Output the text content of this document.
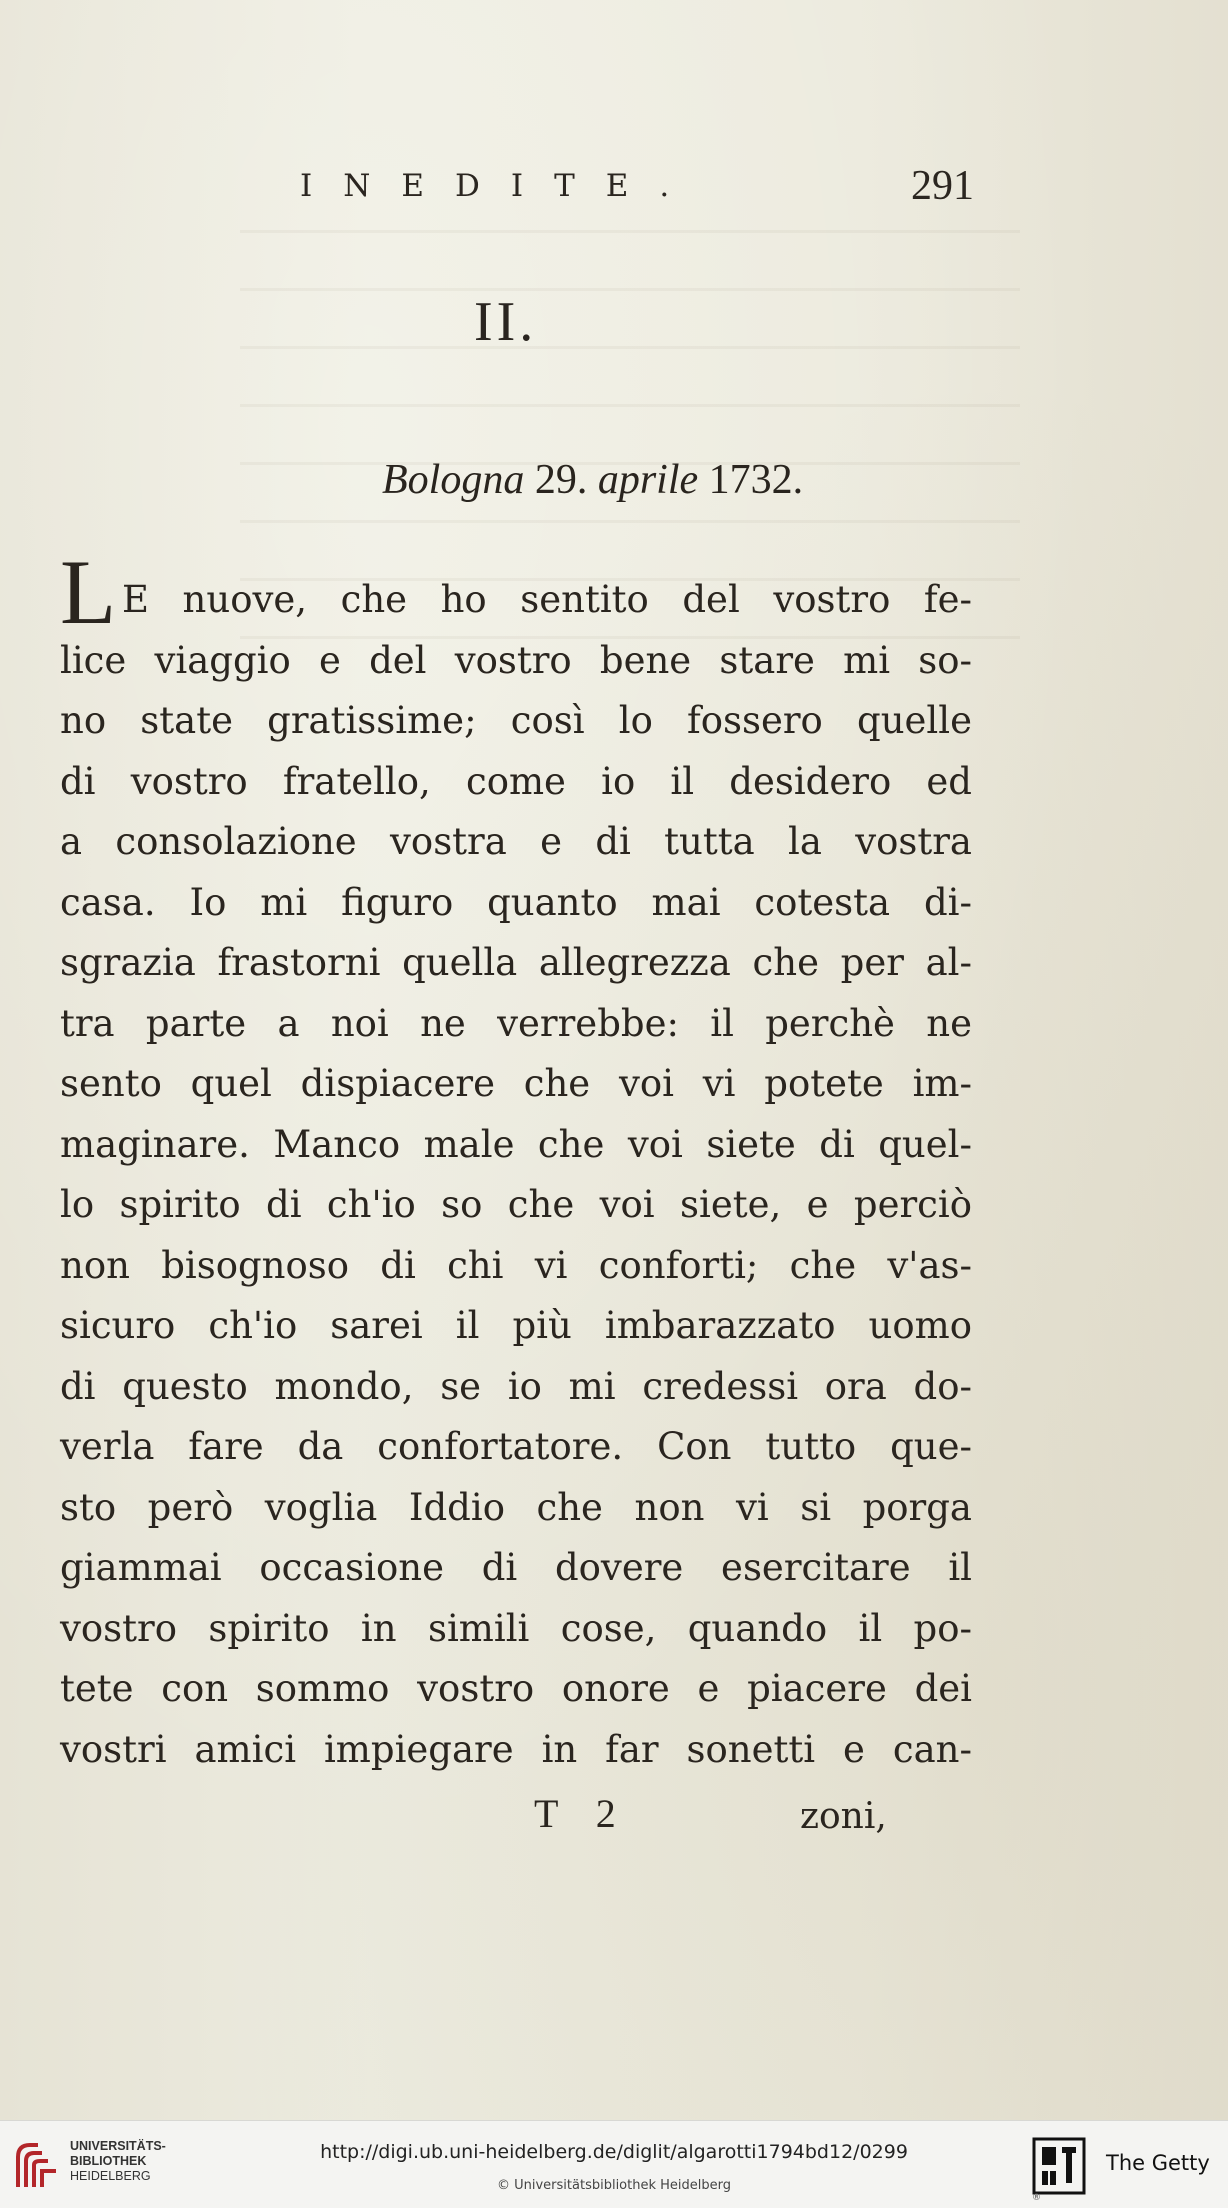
INEDITE.	291
II.
Bologna 29. aprile 1732.
L E nuove, che ho sentito del vostro fe-
lice viaggio e del vostro bene stare mi so-
no state gratissime; così lo fossero quelle
di vostro fratello, come io il desidero ed
a consolazione vostra e di tutta la vostra
casa. Io mi figuro quanto mai cotesta di-
sgrazia frastorni quella allegrezza che per al-
tra parte a noi ne verrebbe: il perchè ne
sento quel dispiacere che voi vi potete im-
maginare. Manco male che voi siete di quel-
lo spirito di ch'io so che voi siete, e perciò
non bisognoso di chi vi conforti; che v'as-
sicuro ch'io sarei il più imbarazzato uomo
di questo mondo, se io mi credessi ora do-
verla fare da confortatore. Con tutto que-
sto però voglia Iddio che non vi si porga
giammai occasione di dovere esercitare il
vostro spirito in simili cose, quando il po-
tete con sommo vostro onore e piacere dei
vostri amici impiegare in far sonetti e can-
T 2	zoni,
UNIVERSITÄTS-
BIBLIOTHEK
HEIDELBERG
http://digi.ub.uni-heidelberg.de/diglit/algarotti1794bd12/0299
© Universitätsbibliothek Heidelberg
®
The Getty
